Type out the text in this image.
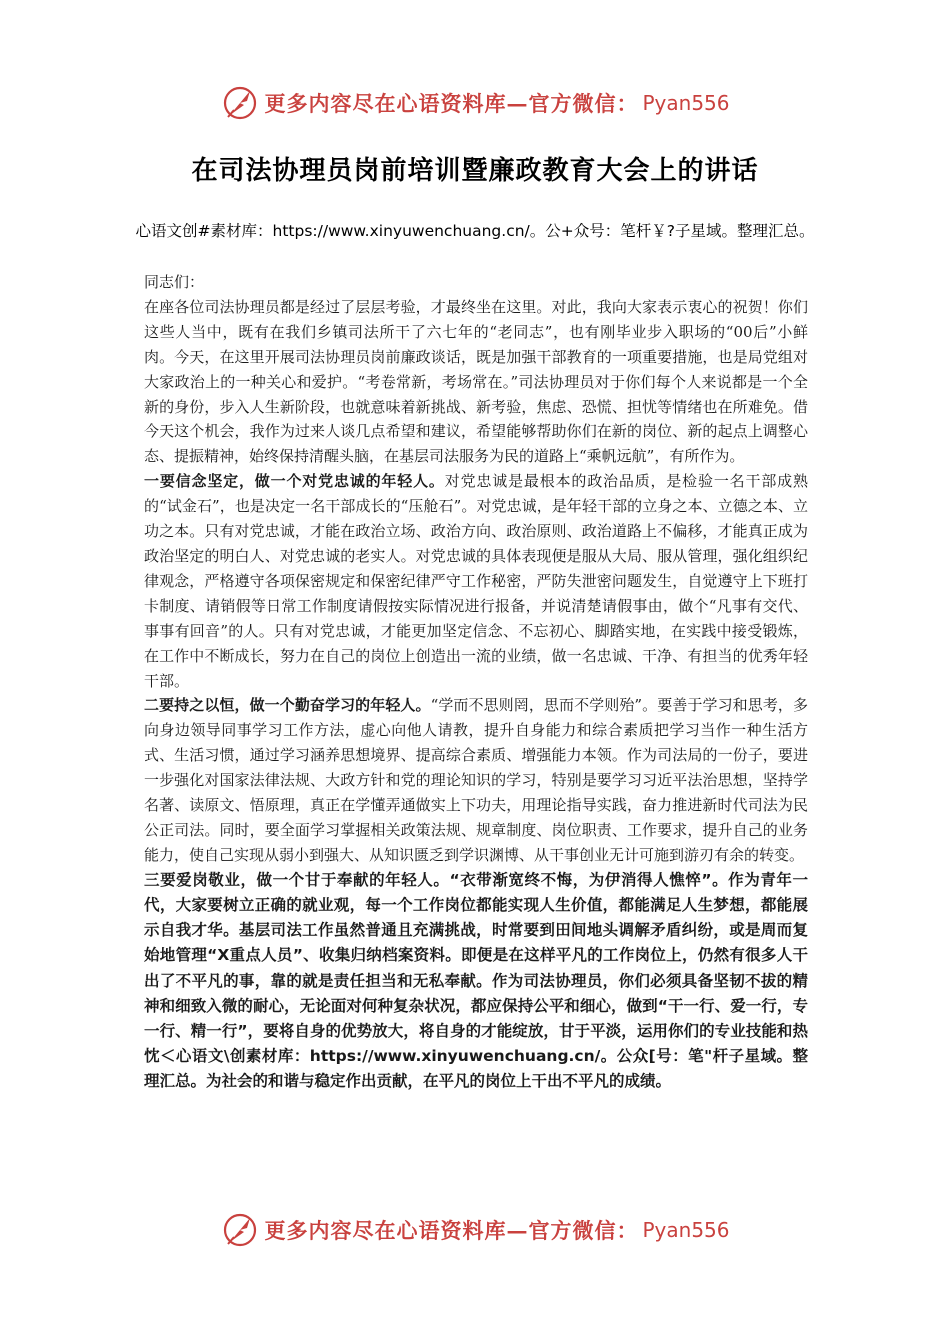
更多内容尽在心语资料库—官方微信： Pyan556
在司法协理员岗前培训暨廉政教育大会上的讲话
心语文创#素材库：https://www.xinyuwenchuang.cn/。公+众号：笔杆￥?子星域。整理汇总。

同志们：

在座各位司法协理员都是经过了层层考验，才最终坐在这里。对此，我向大家表示衷心的祝贺！你们这些人当中，既有在我们乡镇司法所干了六七年的“老同志”，也有刚毕业步入职场的“00后”小鲜肉。今天，在这里开展司法协理员岗前廉政谈话，既是加强干部教育的一项重要措施，也是局党组对大家政治上的一种关心和爱护。“考卷常新，考场常在。”司法协理员对于你们每个人来说都是一个全新的身份，步入人生新阶段，也就意味着新挑战、新考验，焦虑、恐慌、担忧等情绪也在所难免。借今天这个机会，我作为过来人谈几点希望和建议，希望能够帮助你们在新的岗位、新的起点上调整心态、提振精神，始终保持清醒头脑，在基层司法服务为民的道路上“乘帆远航”，有所作为。

一要信念坚定，做一个对党忠诚的年轻人。对党忠诚是最根本的政治品质，是检验一名干部成熟的“试金石”，也是决定一名干部成长的“压舱石”。对党忠诚，是年轻干部的立身之本、立德之本、立功之本。只有对党忠诚，才能在政治立场、政治方向、政治原则、政治道路上不偏移，才能真正成为政治坚定的明白人、对党忠诚的老实人。对党忠诚的具体表现便是服从大局、服从管理，强化组织纪律观念，严格遵守各项保密规定和保密纪律严守工作秘密，严防失泄密问题发生，自觉遵守上下班打卡制度、请销假等日常工作制度请假按实际情况进行报备，并说清楚请假事由，做个“凡事有交代、事事有回音”的人。只有对党忠诚，才能更加坚定信念、不忘初心、脚踏实地，在实践中接受锻炼，在工作中不断成长，努力在自己的岗位上创造出一流的业绩，做一名忠诚、干净、有担当的优秀年轻干部。

二要持之以恒，做一个勤奋学习的年轻人。“学而不思则罔，思而不学则殆”。要善于学习和思考，多向身边领导同事学习工作方法，虚心向他人请教，提升自身能力和综合素质把学习当作一种生活方式、生活习惯，通过学习涵养思想境界、提高综合素质、增强能力本领。作为司法局的一份子，要进一步强化对国家法律法规、大政方针和党的理论知识的学习，特别是要学习习近平法治思想，坚持学名著、读原文、悟原理，真正在学懂弄通做实上下功夫，用理论指导实践，奋力推进新时代司法为民公正司法。同时，要全面学习掌握相关政策法规、规章制度、岗位职责、工作要求，提升自己的业务能力，使自己实现从弱小到强大、从知识匮乏到学识渊博、从干事创业无计可施到游刃有余的转变。

三要爱岗敬业，做一个甘于奉献的年轻人。“衣带渐宽终不悔，为伊消得人憔悴”。作为青年一代，大家要树立正确的就业观，每一个工作岗位都能实现人生价值，都能满足人生梦想，都能展示自我才华。基层司法工作虽然普通且充满挑战，时常要到田间地头调解矛盾纠纷，或是周而复始地管理“X重点人员”、收集归纳档案资料。即便是在这样平凡的工作岗位上，仍然有很多人干出了不平凡的事，靠的就是责任担当和无私奉献。作为司法协理员，你们必须具备坚韧不拔的精神和细致入微的耐心，无论面对何种复杂状况，都应保持公平和细心，做到“干一行、爱一行，专一行、精一行”，要将自身的优势放大，将自身的才能绽放，甘于平淡，运用你们的专业技能和热忱＜心语文\创素材库：https://www.xinyuwenchuang.cn/。公众[号：笔"杆子星域。整理汇总。为社会的和谐与稳定作出贡献，在平凡的岗位上干出不平凡的成绩。

更多内容尽在心语资料库—官方微信： Pyan556
